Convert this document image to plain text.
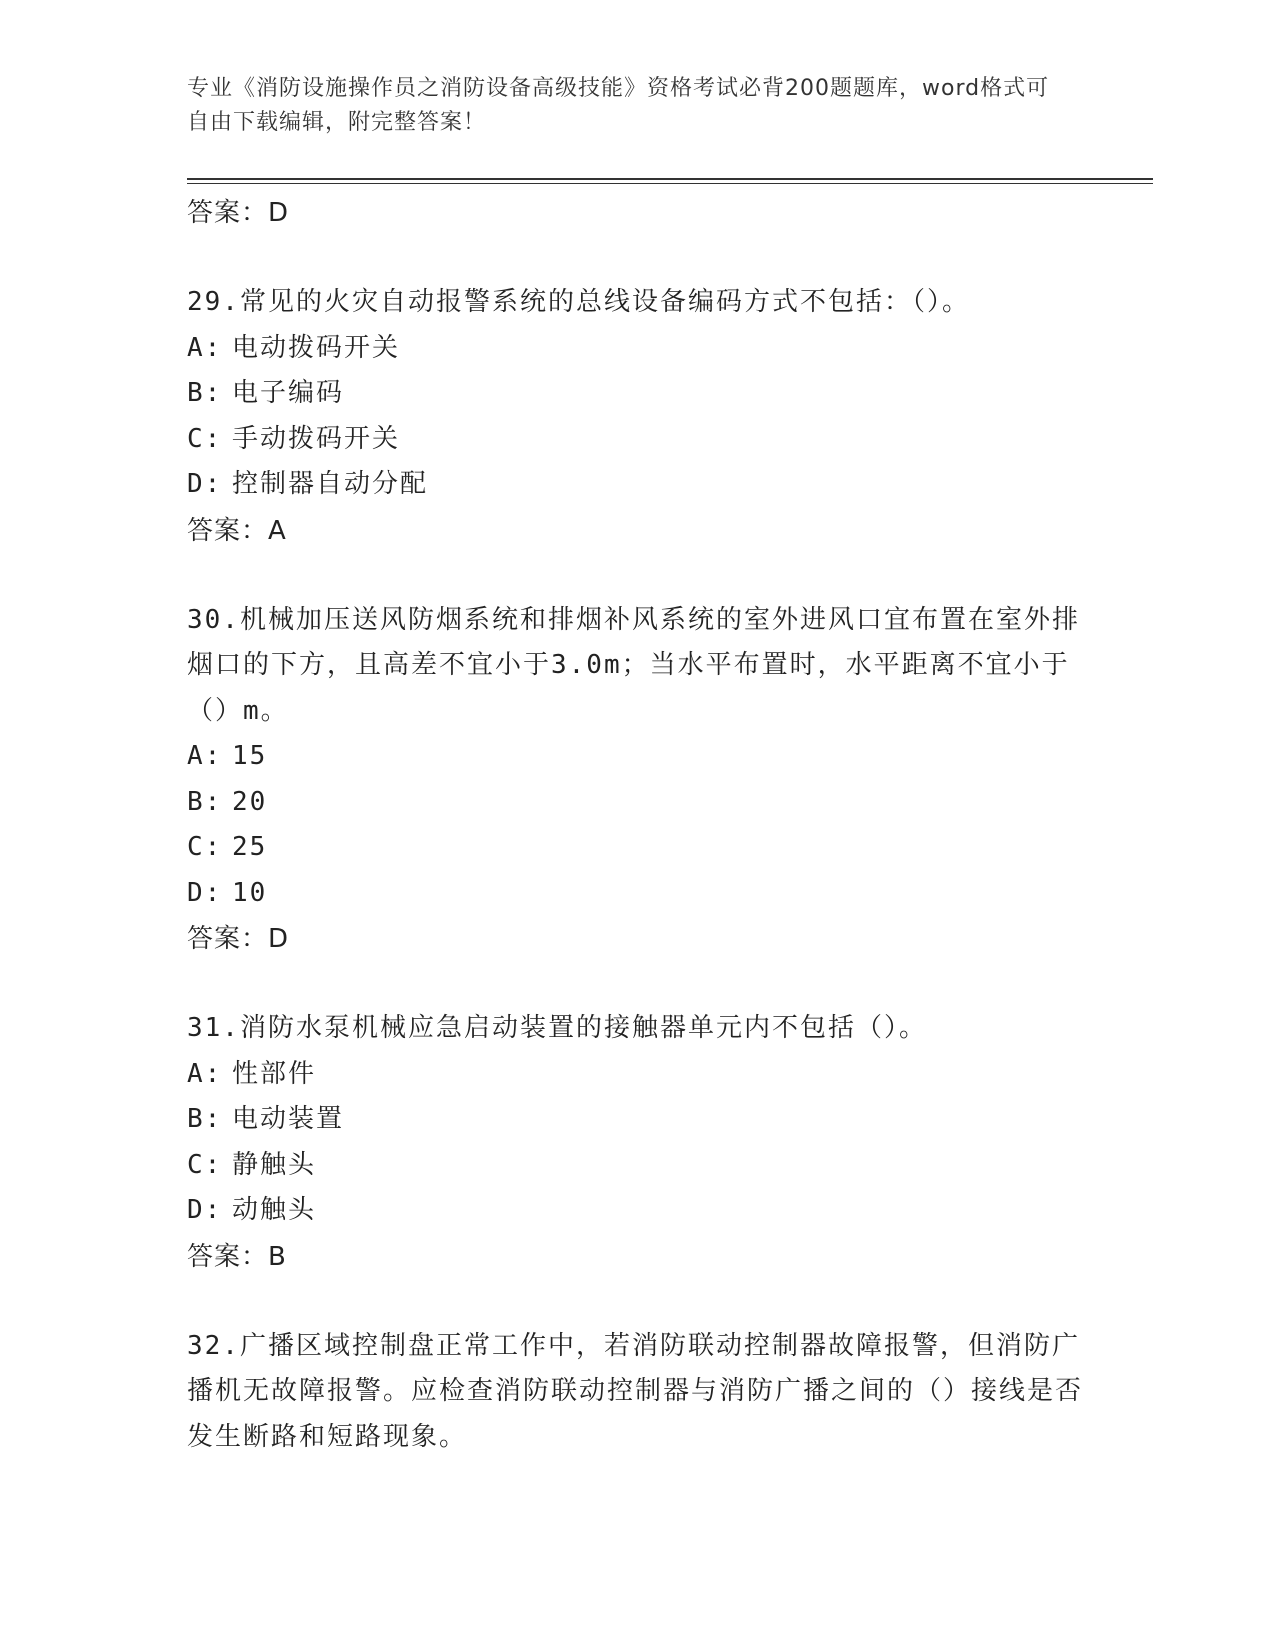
专业《消防设施操作员之消防设备高级技能》资格考试必背200题题库，word格式可自由下载编辑，附完整答案！
答案：D
29.常见的火灾自动报警系统的总线设备编码方式不包括：（）。
A: 电动拨码开关
B: 电子编码
C: 手动拨码开关
D: 控制器自动分配
答案：A
30.机械加压送风防烟系统和排烟补风系统的室外进风口宜布置在室外排烟口的下方，且高差不宜小于3.0m；当水平布置时，水平距离不宜小于（）m。
A: 15
B: 20
C: 25
D: 10
答案：D
31.消防水泵机械应急启动装置的接触器单元内不包括（）。
A: 性部件
B: 电动装置
C: 静触头
D: 动触头
答案：B
32.广播区域控制盘正常工作中，若消防联动控制器故障报警，但消防广播机无故障报警。应检查消防联动控制器与消防广播之间的（）接线是否发生断路和短路现象。
